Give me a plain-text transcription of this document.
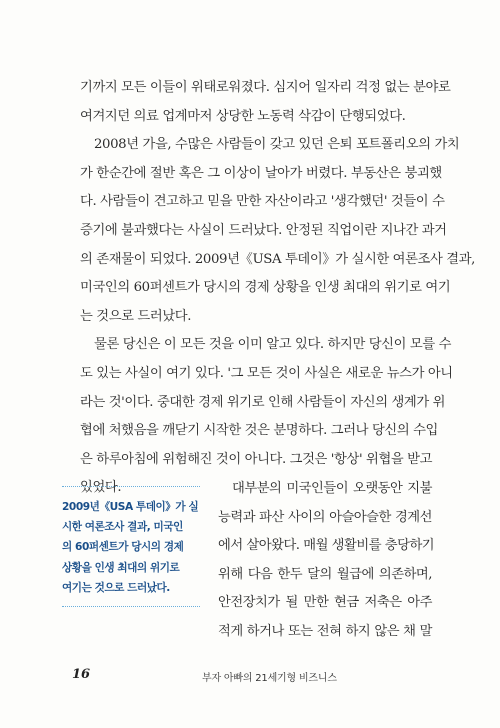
기까지 모든 이들이 위태로워졌다. 심지어 일자리 걱정 없는 분야로
여겨지던 의료 업계마저 상당한 노동력 삭감이 단행되었다.
2008년 가을, 수많은 사람들이 갖고 있던 은퇴 포트폴리오의 가치
가 한순간에 절반 혹은 그 이상이 날아가 버렸다. 부동산은 붕괴했
다. 사람들이 견고하고 믿을 만한 자산이라고 '생각했던' 것들이 수
증기에 불과했다는 사실이 드러났다. 안정된 직업이란 지나간 과거
의 존재물이 되었다. 2009년《USA 투데이》가 실시한 여론조사 결과,
미국인의 60퍼센트가 당시의 경제 상황을 인생 최대의 위기로 여기
는 것으로 드러났다.
물론 당신은 이 모든 것을 이미 알고 있다. 하지만 당신이 모를 수
도 있는 사실이 여기 있다. '그 모든 것이 사실은 새로운 뉴스가 아니
라는 것'이다. 중대한 경제 위기로 인해 사람들이 자신의 생계가 위
협에 처했음을 깨닫기 시작한 것은 분명하다. 그러나 당신의 수입
은 하루아침에 위험해진 것이 아니다. 그것은 '항상' 위협을 받고
있었다.
2009년《USA 투데이》가 실
시한 여론조사 결과, 미국인
의 60퍼센트가 당시의 경제
상황을 인생 최대의 위기로
여기는 것으로 드러났다.
대부분의 미국인들이 오랫동안 지불
능력과 파산 사이의 아슬아슬한 경계선
에서 살아왔다. 매월 생활비를 충당하기
위해 다음 한두 달의 월급에 의존하며,
안전장치가 될 만한 현금 저축은 아주
적게 하거나 또는 전혀 하지 않은 채 말
16	부자 아빠의 21세기형 비즈니스
